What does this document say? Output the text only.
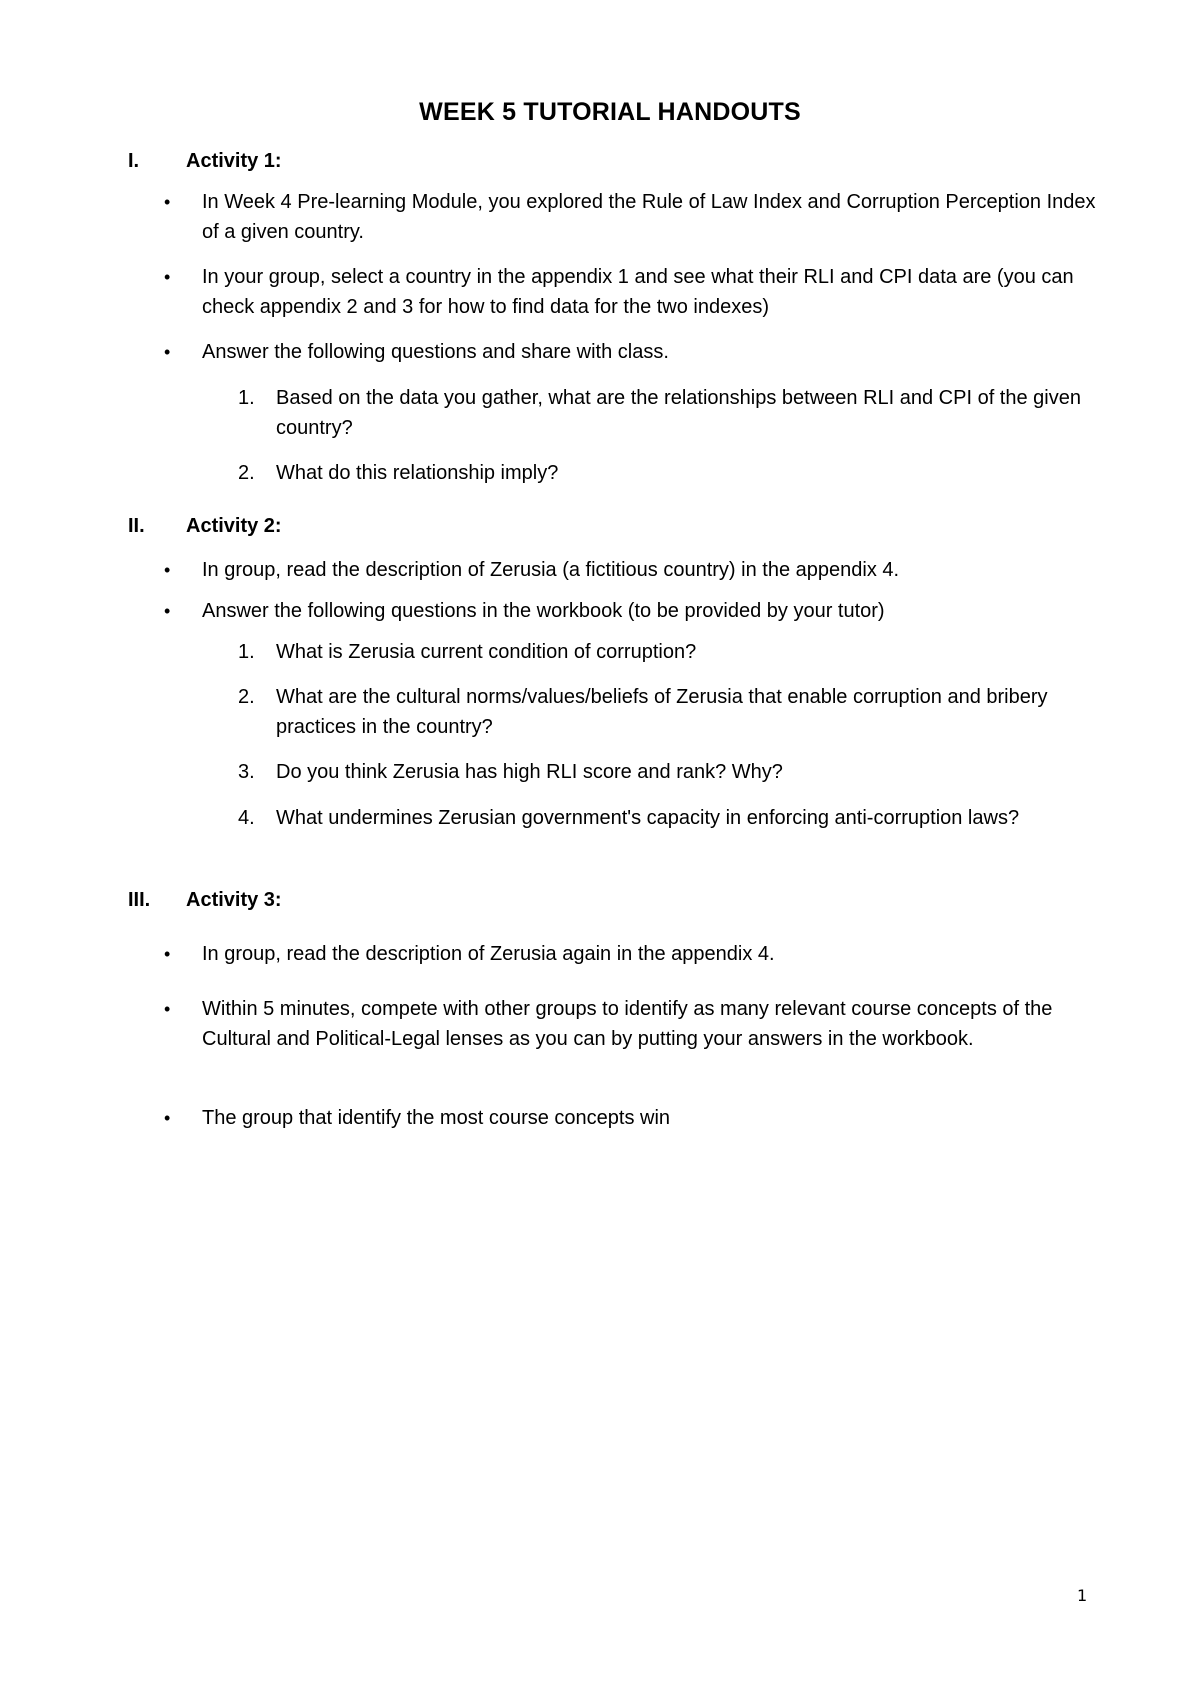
WEEK 5 TUTORIAL HANDOUTS
I. Activity 1:
• In Week 4 Pre-learning Module, you explored the Rule of Law Index and Corruption Perception Index of a given country.
• In your group, select a country in the appendix 1 and see what their RLI and CPI data are (you can check appendix 2 and 3 for how to find data for the two indexes)
• Answer the following questions and share with class.
1. Based on the data you gather, what are the relationships between RLI and CPI of the given country?
2. What do this relationship imply?
II. Activity 2:
• In group, read the description of Zerusia (a fictitious country) in the appendix 4.
• Answer the following questions in the workbook (to be provided by your tutor)
1. What is Zerusia current condition of corruption?
2. What are the cultural norms/values/beliefs of Zerusia that enable corruption and bribery practices in the country?
3. Do you think Zerusia has high RLI score and rank? Why?
4. What undermines Zerusian government's capacity in enforcing anti-corruption laws?
III. Activity 3:
• In group, read the description of Zerusia again in the appendix 4.
• Within 5 minutes, compete with other groups to identify as many relevant course concepts of the Cultural and Political-Legal lenses as you can by putting your answers in the workbook.
• The group that identify the most course concepts win
1
